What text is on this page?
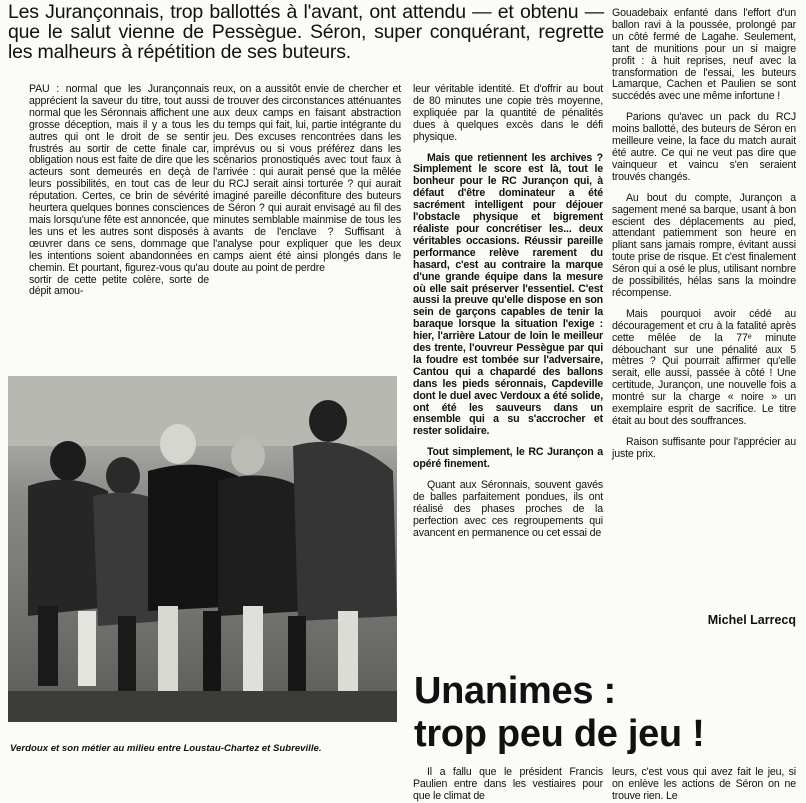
Les Jurançonnais, trop ballottés à l'avant, ont attendu — et obtenu — que le salut vienne de Pessègue. Séron, super conquérant, regrette les malheurs à répétition de ses buteurs.

PAU : normal que les Jurançonnais apprécient la saveur du titre, tout aussi normal que les Séronnais affichent une grosse déception, mais il y a tous les autres qui ont le droit de se sentir frustrés au sortir de cette finale car, obligation nous est faite de dire que les acteurs sont demeurés en deçà de leurs possibilités, en tout cas de leur réputation. Certes, ce brin de sévérité heurtera quelques bonnes consciences mais lorsqu'une fête est annoncée, que les uns et les autres sont disposés à œuvrer dans ce sens, dommage que les intentions soient abandonnées en chemin. Et pourtant, figurez-vous qu'au sortir de cette petite colère, sorte de dépit amou-

reux, on a aussitôt envie de chercher et de trouver des circonstances atténuantes aux deux camps en faisant abstraction du temps qui fait, lui, partie intégrante du jeu. Des excuses rencontrées dans les imprévus ou si vous préférez dans les scénarios pronostiqués avec tout faux à l'arrivée : qui aurait pensé que la mêlée du RCJ serait ainsi torturée ? qui aurait imaginé pareille déconfiture des buteurs de Séron ? qui aurait envisagé au fil des minutes semblable mainmise de tous les avants de l'enclave ? Suffisant à l'analyse pour expliquer que les deux camps aient été ainsi plongés dans le doute au point de perdre

leur véritable identité. Et d'offrir au bout de 80 minutes une copie très moyenne, expliquée par la quantité de pénalités dues à quelques excès dans le défi physique.

Mais que retiennent les archives ? Simplement le score est là, tout le bonheur pour le RC Jurançon qui, à défaut d'être dominateur a été sacrément intelligent pour déjouer l'obstacle physique et bigrement réaliste pour concrétiser les... deux véritables occasions. Réussir pareille performance relève rarement du hasard, c'est au contraire la marque d'une grande équipe dans la mesure où elle sait préserver l'essentiel. C'est aussi la preuve qu'elle dispose en son sein de garçons capables de tenir la baraque lorsque la situation l'exige : hier, l'arrière Latour de loin le meilleur des trente, l'ouvreur Pessègue par qui la foudre est tombée sur l'adversaire, Cantou qui a chapardé des ballons dans les pieds séronnais, Capdeville dont le duel avec Verdoux a été solide, ont été les sauveurs dans un ensemble qui a su s'accrocher et rester solidaire.

Tout simplement, le RC Jurançon a opéré finement.

Quant aux Séronnais, souvent gavés de balles parfaitement pondues, ils ont réalisé des phases proches de la perfection avec ces regroupements qui avancent en permanence ou cet essai de

Gouadebaix enfanté dans l'effort d'un ballon ravi à la poussée, prolongé par un côté fermé de Lagahe. Seulement, tant de munitions pour un si maigre profit : à huit reprises, neuf avec la transformation de l'essai, les buteurs Lamarque, Cachen et Paulien se sont succédés avec une même infortune !

Parions qu'avec un pack du RCJ moins ballotté, des buteurs de Séron en meilleure veine, la face du match aurait été autre. Ce qui ne veut pas dire que vainqueur et vaincu s'en seraient trouvés changés.

Au bout du compte, Jurançon a sagement mené sa barque, usant à bon escient des déplacements au pied, attendant patiemment son heure en pliant sans jamais rompre, évitant aussi toute prise de risque. Et c'est finalement Séron qui a osé le plus, utilisant nombre de possibilités, hélas sans la moindre récompense.

Mais pourquoi avoir cédé au découragement et cru à la fatalité après cette mêlée de la 77ᵉ minute débouchant sur une pénalité aux 5 mètres ? Qui pourrait affirmer qu'elle serait, elle aussi, passée à côté ! Une certitude, Jurançon, une nouvelle fois a montré sur la charge « noire » un exemplaire esprit de sacrifice. Le titre était au bout des souffrances.

Raison suffisante pour l'apprécier au juste prix.

Michel Larrecq
Verdoux et son métier au milieu entre Loustau-Chartez et Subreville.
Unanimes :
trop peu de jeu !

Il a fallu que le président Francis Paulien entre dans les vestiaires pour que le climat de

leurs, c'est vous qui avez fait le jeu, si on enlève les actions de Séron on ne trouve rien. Le
